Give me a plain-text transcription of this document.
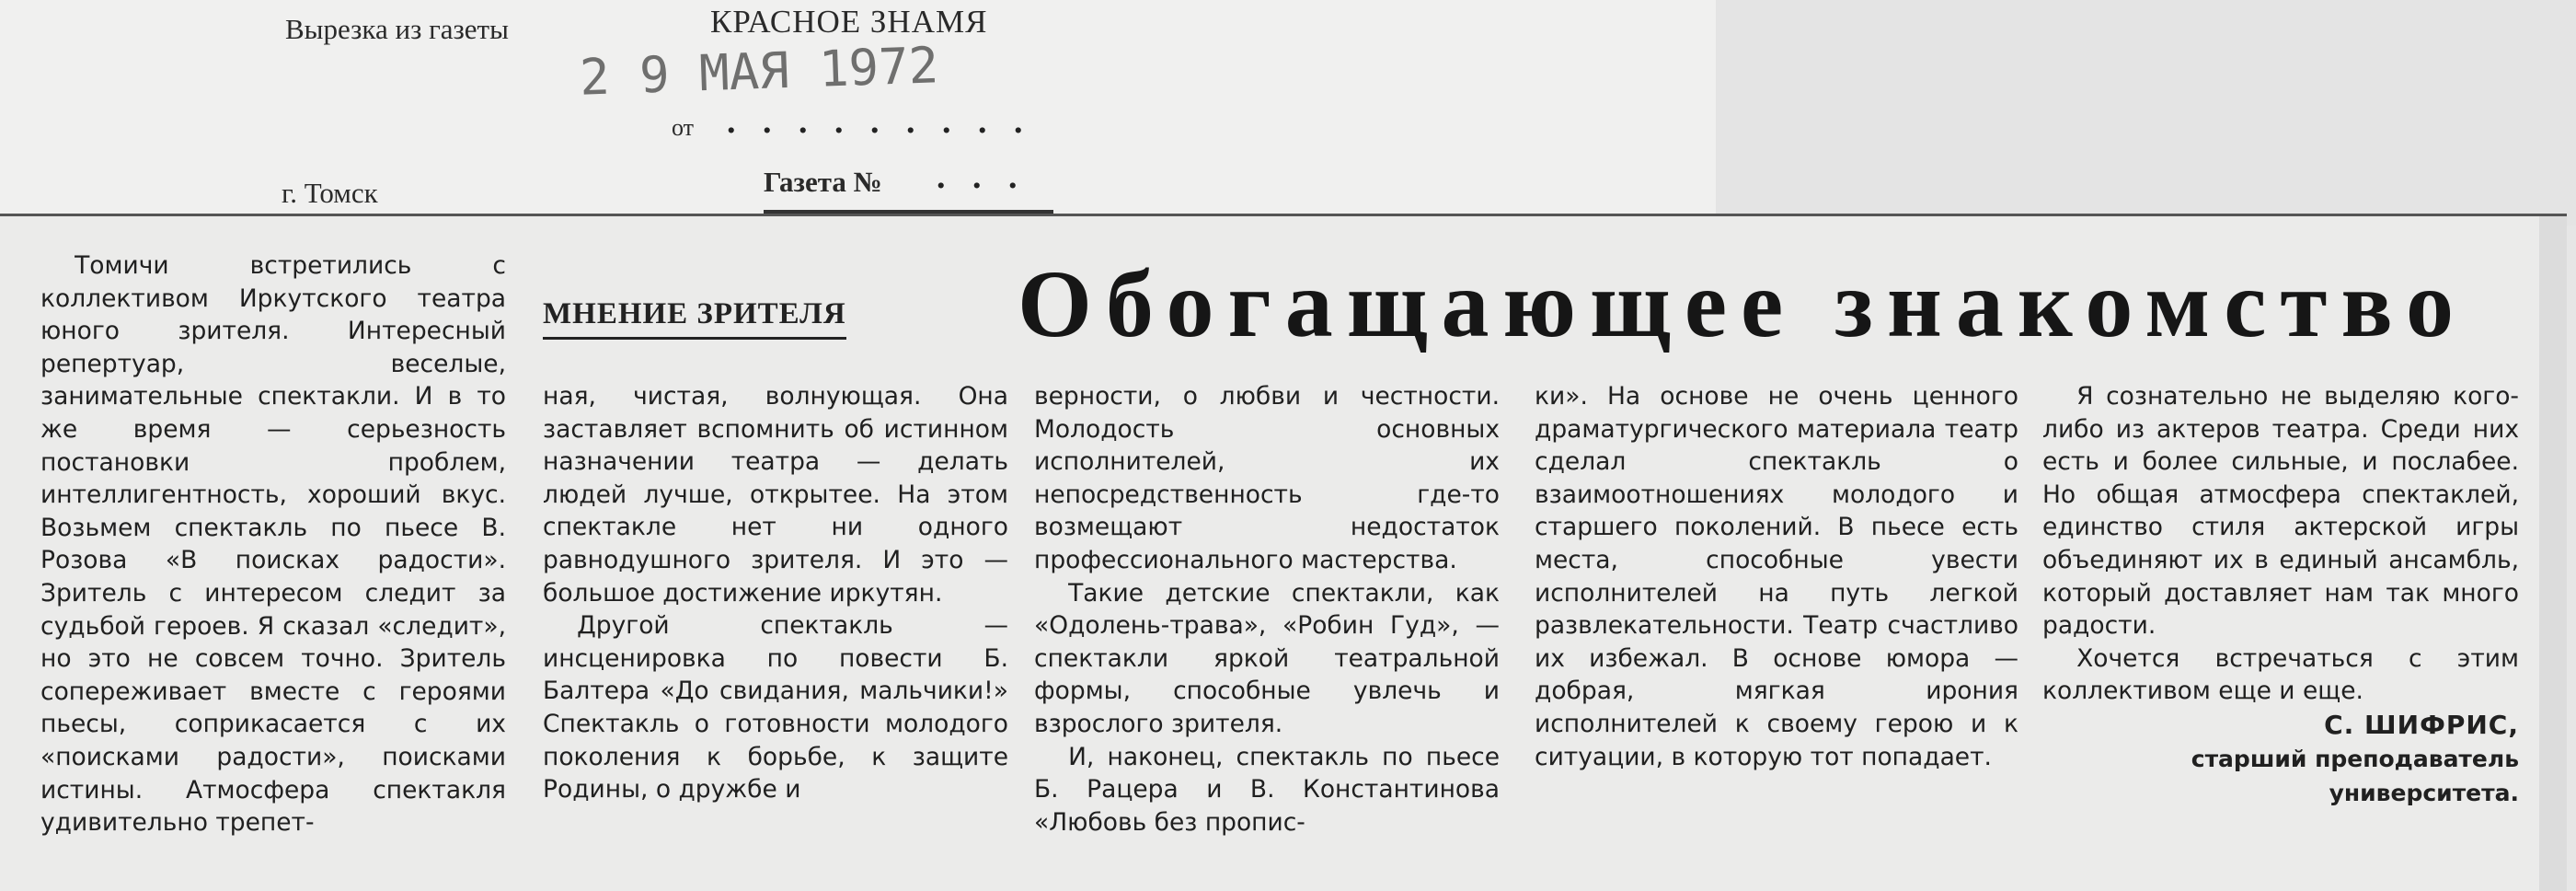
Вырезка из газеты	КРАСНОЕ ЗНАМЯ
2 9 МАЯ 1972
от . . . . . . . . .
г. Томск	Газета № . . .
МНЕНИЕ ЗРИТЕЛЯ Обогащающее знакомство

Томичи встретились с коллективом Иркутского театра юного зрителя. Интересный репертуар, веселые, занимательные спектакли. И в то же время — серьезность постановки проблем, интеллигентность, хороший вкус. Возьмем спектакль по пьесе В. Розова «В поисках радости». Зритель с интересом следит за судьбой героев. Я сказал «следит», но это не совсем точно. Зритель сопереживает вместе с героями пьесы, соприкасается с их «поисками радости», поисками истины. Атмосфера спектакля удивительно трепет-

ная, чистая, волнующая. Она заставляет вспомнить об истинном назначении театра — делать людей лучше, открытее. На этом спектакле нет ни одного равнодушного зрителя. И это — большое достижение иркутян.

Другой спектакль — инсценировка по повести Б. Балтера «До свидания, мальчики!» Спектакль о готовности молодого поколения к борьбе, к защите Родины, о дружбе и

верности, о любви и честности. Молодость основных исполнителей, их непосредственность где-то возмещают недостаток профессионального мастерства.

Такие детские спектакли, как «Одолень-трава», «Робин Гуд», — спектакли яркой театральной формы, способные увлечь и взрослого зрителя.

И, наконец, спектакль по пьесе Б. Рацера и В. Константинова «Любовь без пропис-

ки». На основе не очень ценного драматургического материала театр сделал спектакль о взаимоотношениях молодого и старшего поколений. В пьесе есть места, способные увести исполнителей на путь легкой развлекательности. Театр счастливо их избежал. В основе юмора — добрая, мягкая ирония исполнителей к своему герою и к ситуации, в которую тот попадает.

Я сознательно не выделяю кого-либо из актеров театра. Среди них есть и более сильные, и послабее. Но общая атмосфера спектаклей, единство стиля актерской игры объединяют их в единый ансамбль, который доставляет нам так много радости.

Хочется встречаться с этим коллективом еще и еще.

С. ШИФРИС,
старший преподаватель
университета.
